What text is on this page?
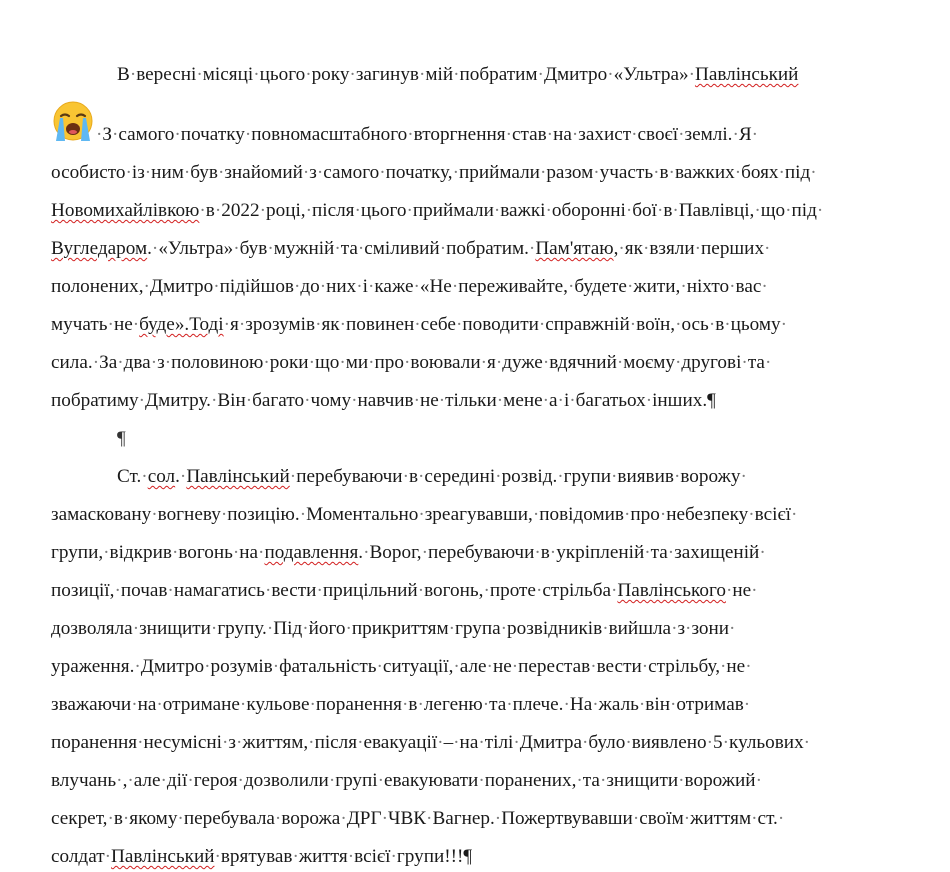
В·вересні·місяці·цього·року·загинув·мій·побратим·Дмитро·«Ультра»·Павлінський
·З·самого·початку·повномасштабного·вторгнення·став·на·захист·своєї·землі.·Я·
особисто·із·ним·був·знайомий·з·самого·початку,·приймали·разом·участь·в·важких·боях·під·
Новомихайлівкою·в·2022·році,·після·цього·приймали·важкі·оборонні·бої·в·Павлівці,·що·під·
Вугледаром.·«Ультра»·був·мужній·та·сміливий·побратим.·Пам'ятаю,·як·взяли·перших·
полонених,·Дмитро·підійшов·до·них·і·каже·«Не·переживайте,·будете·жити,·ніхто·вас·
мучать·не·буде».Тоді·я·зрозумів·як·повинен·себе·поводити·справжній·воїн,·ось·в·цьому·
сила.·За·два·з·половиною·роки·що·ми·про·воювали·я·дуже·вдячний·моєму·другові·та·
побратиму·Дмитру.·Він·багато·чому·навчив·не·тільки·мене·а·і·багатьох·інших.¶
¶
Ст.·сол.·Павлінський·перебуваючи·в·середині·розвід.·групи·виявив·ворожу·
замасковану·вогневу·позицію.·Моментально·зреагувавши,·повідомив·про·небезпеку·всієї·
групи,·відкрив·вогонь·на·подавлення.·Ворог,·перебуваючи·в·укріпленій·та·захищеній·
позиції,·почав·намагатись·вести·прицільний·вогонь,·проте·стрільба·Павлінського·не·
дозволяла·знищити·групу.·Під·його·прикриттям·група·розвідників·вийшла·з·зони·
ураження.·Дмитро·розумів·фатальність·ситуації,·але·не·перестав·вести·стрільбу,·не·
зважаючи·на·отримане·кульове·поранення·в·легеню·та·плече.·На·жаль·він·отримав·
поранення·несумісні·з·життям,·після·евакуації·–·на·тілі·Дмитра·було·виявлено·5·кульових·
влучань·,·але·дії·героя·дозволили·групі·евакуювати·поранених,·та·знищити·ворожий·
секрет,·в·якому·перебувала·ворожа·ДРГ·ЧВК·Вагнер.·Пожертвувавши·своїм·життям·ст.·
солдат·Павлінський·врятував·життя·всієї·групи!!!¶
